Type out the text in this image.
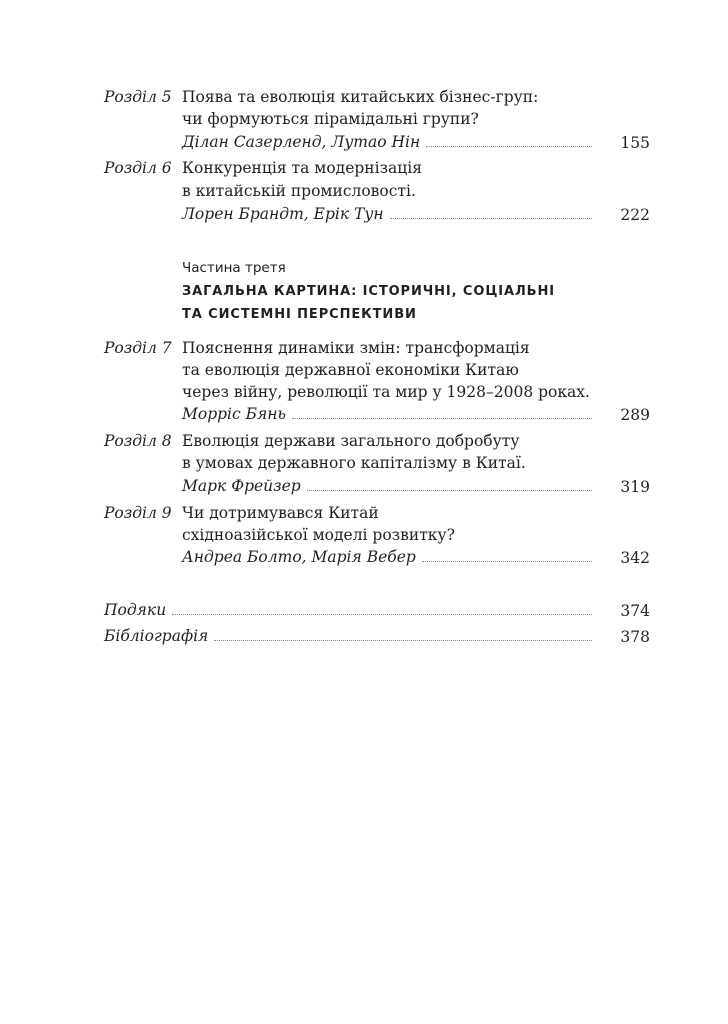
Розділ 5 Поява та еволюція китайських бізнес-груп:
чи формуються пірамідальні групи?
Ділан Сазерленд, Лутао Нін	155
Розділ 6 Конкуренція та модернізація
в китайській промисловості.
Лорен Брандт, Ерік Тун	222
Частина третя
ЗАГАЛЬНА КАРТИНА: ІСТОРИЧНІ, СОЦІАЛЬНІ
ТА СИСТЕМНІ ПЕРСПЕКТИВИ
Розділ 7 Пояснення динаміки змін: трансформація
та еволюція державної економіки Китаю
через війну, революції та мир у 1928–2008 роках.
Морріс Бянь	289
Розділ 8 Еволюція держави загального добробуту
в умовах державного капіталізму в Китаї.
Марк Фрейзер	319
Розділ 9 Чи дотримувався Китай
східноазійської моделі розвитку?
Андреа Болто, Марія Вебер	342
Подяки	374
Бібліографія	378
